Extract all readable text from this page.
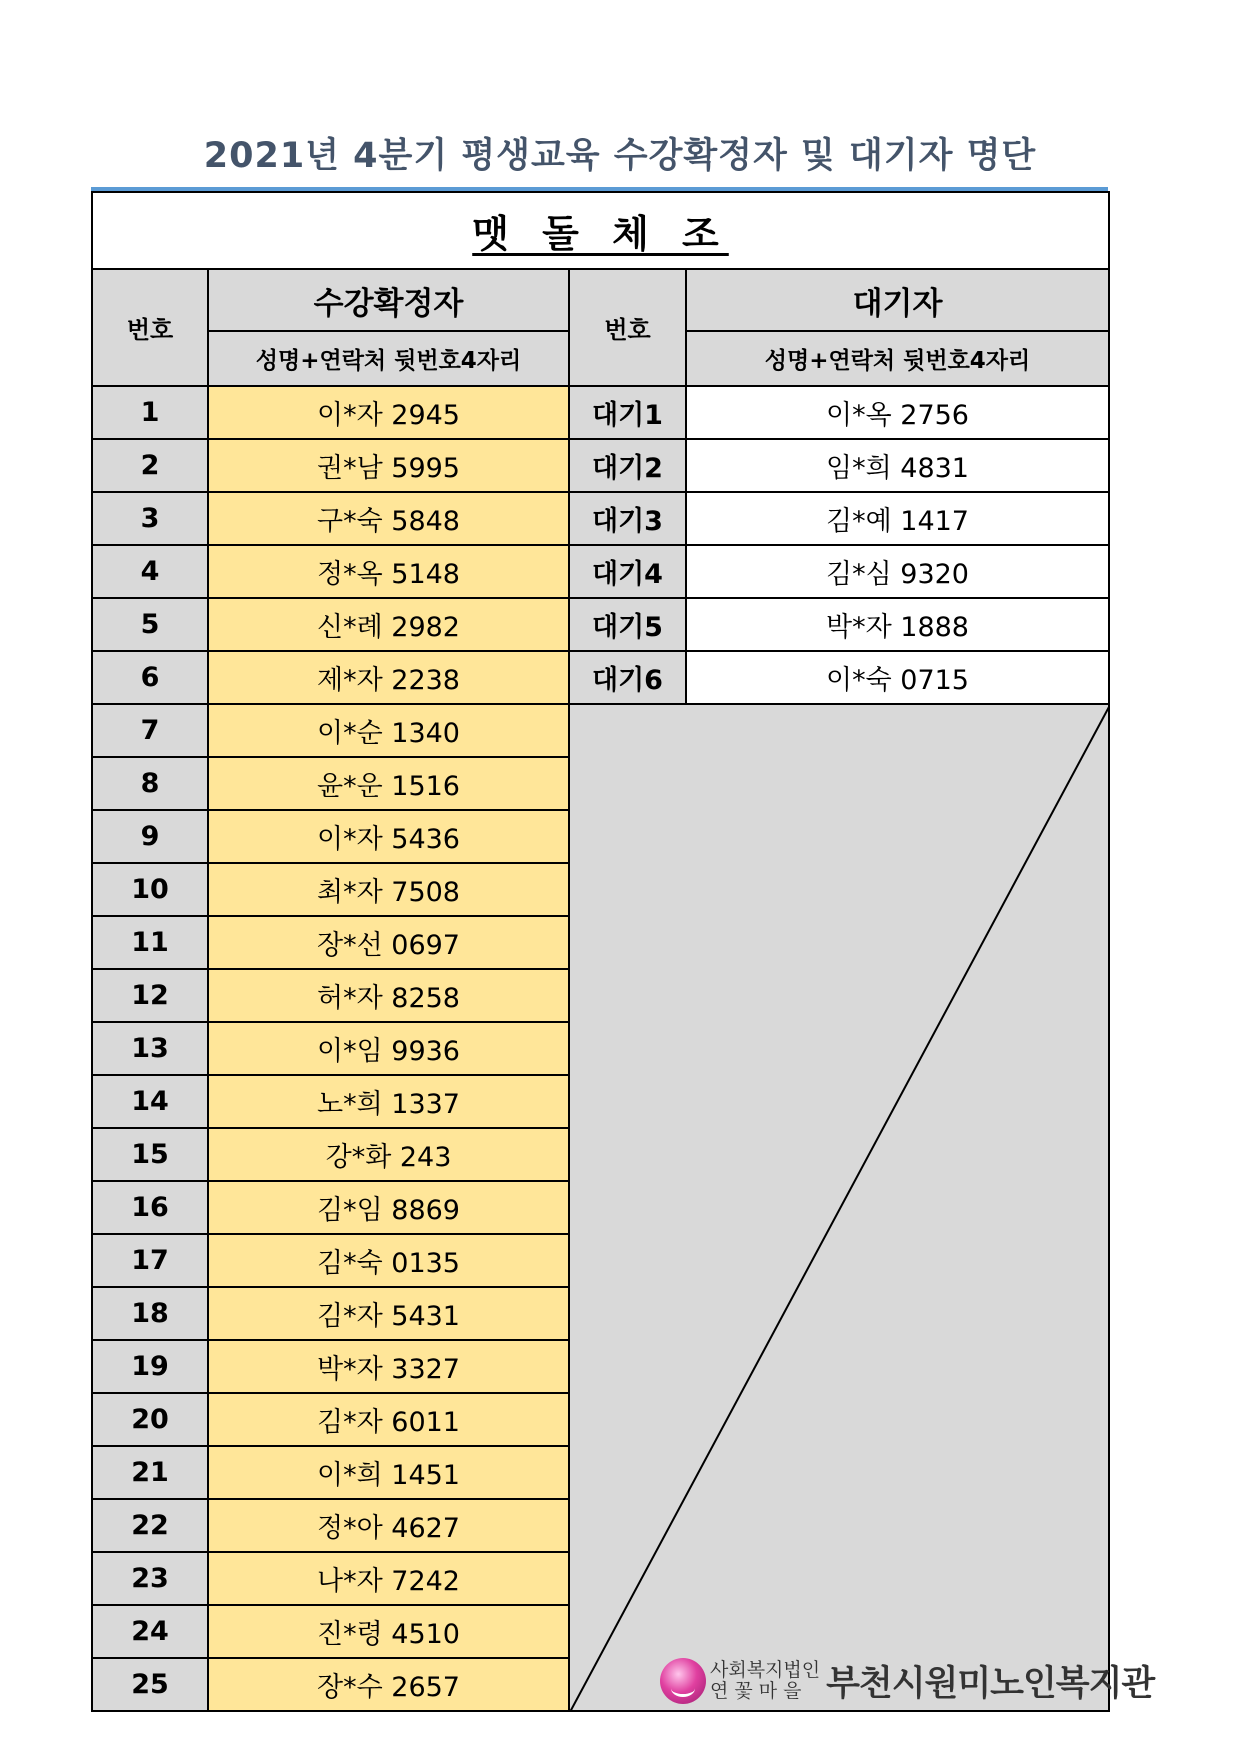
2021년 4분기 평생교육 수강확정자 및 대기자 명단
맷 돌 체 조			
번호	수강확정자	번호	대기자
	성명+연락처 뒷번호4자리		성명+연락처 뒷번호4자리
1	이*자 2945	대기1	이*옥 2756
2	권*남 5995	대기2	임*희 4831
3	구*숙 5848	대기3	김*예 1417
4	정*옥 5148	대기4	김*심 9320
5	신*례 2982	대기5	박*자 1888
6	제*자 2238	대기6	이*숙 0715
7	이*순 1340	

8	윤*운 1516		
9	이*자 5436		
10	최*자 7508		
11	장*선 0697		
12	허*자 8258		
13	이*임 9936		
14	노*희 1337		
15	강*화 243		
16	김*임 8869		
17	김*숙 0135		
18	김*자 5431		
19	박*자 3327		
20	김*자 6011		
21	이*희 1451		
22	정*아 4627		
23	나*자 7242		
24	진*령 4510		
25	장*수 2657		
사회복지법인
연 꽃 마 을 부천시원미노인복지관
